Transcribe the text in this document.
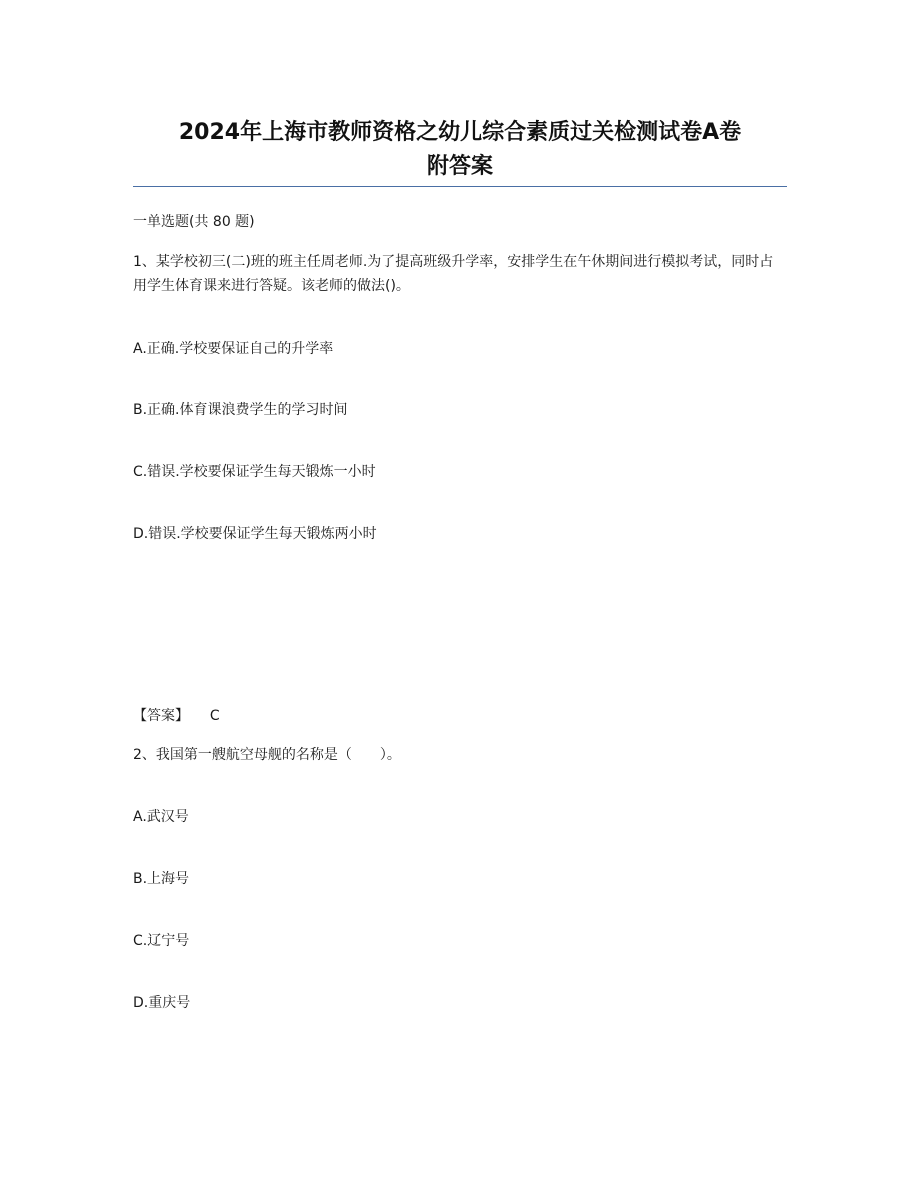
2024年上海市教师资格之幼儿综合素质过关检测试卷A卷
附答案
一单选题(共 80 题)
1、某学校初三(二)班的班主任周老师.为了提高班级升学率，安排学生在午休期间进行模拟考试，同时占用学生体育课来进行答疑。该老师的做法()。
A.正确.学校要保证自己的升学率
B.正确.体育课浪费学生的学习时间
C.错误.学校要保证学生每天锻炼一小时
D.错误.学校要保证学生每天锻炼两小时
【答案】 C
2、我国第一艘航空母舰的名称是（　　）。
A.武汉号
B.上海号
C.辽宁号
D.重庆号
